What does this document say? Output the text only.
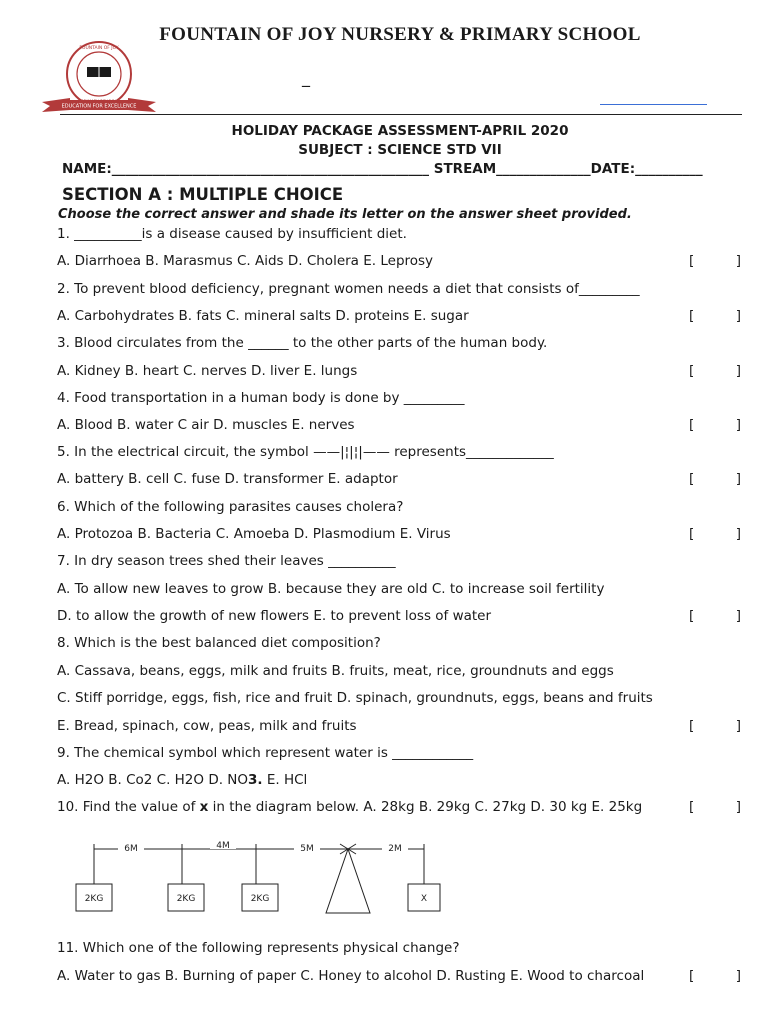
FOUNTAIN OF JOY NURSERY & PRIMARY SCHOOL
EDUCATION FOR EXCELLENCE
FOUNTAIN OF JOY
PRIMARY SCHOOL
_
HOLIDAY PACKAGE ASSESSMENT-APRIL 2020
SUBJECT : SCIENCE STD VII
NAME:_______________________________________________ STREAM______________DATE:__________
SECTION A : MULTIPLE CHOICE
Choose the correct answer and shade its letter on the answer sheet provided.
1. __________is a disease caused by insufficient diet.
A. Diarrhoea B. Marasmus C. Aids D. Cholera E. Leprosy	[	]
2. To prevent blood deficiency, pregnant women needs a diet that consists of_________
A. Carbohydrates B. fats C. mineral salts D. proteins E. sugar	[	]
3. Blood circulates from the ______ to the other parts of the human body.
A. Kidney B. heart C. nerves D. liver E. lungs	[	]
4. Food transportation in a human body is done by _________
A. Blood B. water C air D. muscles E. nerves	[	]
5. In the electrical circuit, the symbol ——|¦|¦|—— represents_____________
A. battery B. cell C. fuse D. transformer E. adaptor	[	]
6. Which of the following parasites causes cholera?
A. Protozoa B. Bacteria C. Amoeba D. Plasmodium E. Virus	[	]
7. In dry season trees shed their leaves __________
A. To allow new leaves to grow B. because they are old C. to increase soil fertility
D. to allow the growth of new flowers E. to prevent loss of water	[	]
8. Which is the best balanced diet composition?
A. Cassava, beans, eggs, milk and fruits B. fruits, meat, rice, groundnuts and eggs
C. Stiff porridge, eggs, fish, rice and fruit D. spinach, groundnuts, eggs, beans and fruits
E. Bread, spinach, cow, peas, milk and fruits	[	]
9. The chemical symbol which represent water is ____________
A. H2O B. Co2 C. H2O D. NO3. E. HCl
10. Find the value of x in the diagram below. A. 28kg B. 29kg C. 27kg D. 30 kg E. 25kg	[	]
6M	4M	5M	2M
2KG	2KG	2KG	X
11. Which one of the following represents physical change?
A. Water to gas B. Burning of paper C. Honey to alcohol D. Rusting E. Wood to charcoal	[	]
